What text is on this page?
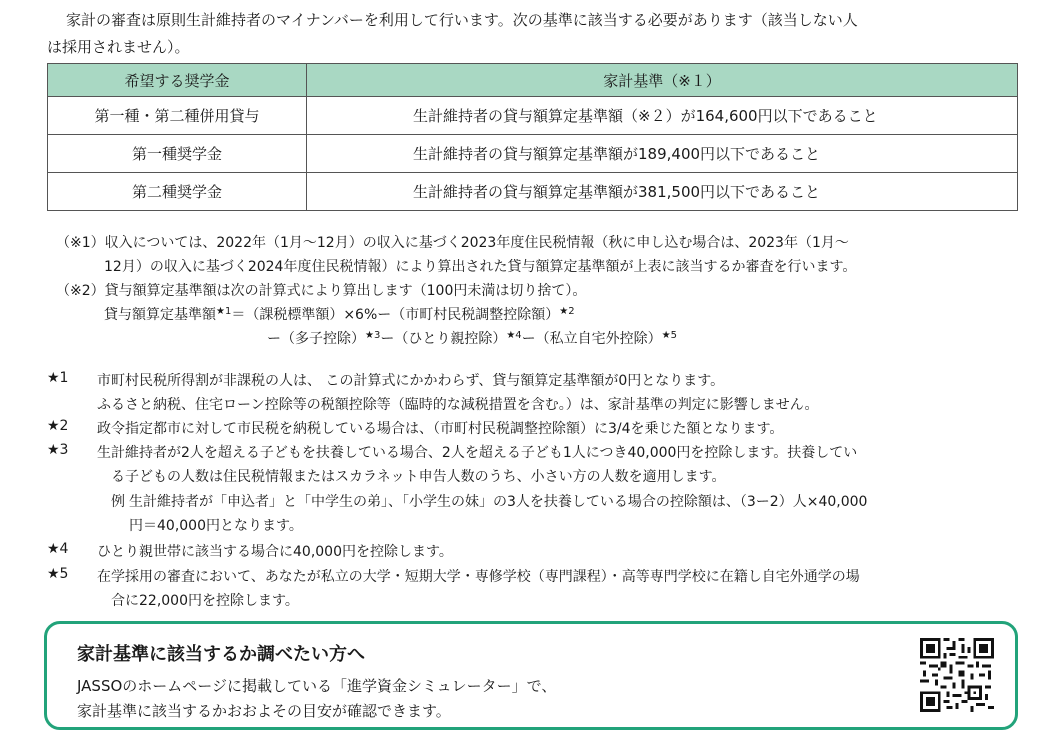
家計の審査は原則生計維持者のマイナンバーを利用して行います。次の基準に該当する必要があります（該当しない人
は採用されません）。
希望する奨学金	家計基準（※１）
第一種・第二種併用貸与	生計維持者の貸与額算定基準額（※２）が164,600円以下であること
第一種奨学金	生計維持者の貸与額算定基準額が189,400円以下であること
第二種奨学金	生計維持者の貸与額算定基準額が381,500円以下であること
（※1）収入については、2022年（1月〜12月）の収入に基づく2023年度住民税情報（秋に申し込む場合は、2023年（1月〜
12月）の収入に基づく2024年度住民税情報）により算出された貸与額算定基準額が上表に該当するか審査を行います。
（※2）貸与額算定基準額は次の計算式により算出します（100円未満は切り捨て）。
貸与額算定基準額$^{★1}$＝（課税標準額）×6%ー（市町村民税調整控除額）$^{★2}$
ー（多子控除）$^{★3}$ー（ひとり親控除）$^{★4}$ー（私立自宅外控除）$^{★5}$
★1 市町村民税所得割が非課税の人は、 この計算式にかかわらず、貸与額算定基準額が0円となります。
ふるさと納税、住宅ローン控除等の税額控除等（臨時的な減税措置を含む。）は、家計基準の判定に影響しません。
★2 政令指定都市に対して市民税を納税している場合は、（市町村民税調整控除額）に3/4を乗じた額となります。
★3 生計維持者が2人を超える子どもを扶養している場合、2人を超える子ども1人につき40,000円を控除します。扶養してい
る子どもの人数は住民税情報またはスカラネット申告人数のうち、小さい方の人数を適用します。
例 生計維持者が「申込者」と「中学生の弟」、「小学生の妹」の3人を扶養している場合の控除額は、（3ー2）人×40,000
円＝40,000円となります。
★4 ひとり親世帯に該当する場合に40,000円を控除します。
★5 在学採用の審査において、あなたが私立の大学・短期大学・専修学校（専門課程）・高等専門学校に在籍し自宅外通学の場
合に22,000円を控除します。
家計基準に該当するか調べたい方へ
JASSOのホームページに掲載している「進学資金シミュレーター」で、
家計基準に該当するかおおよその目安が確認できます。
